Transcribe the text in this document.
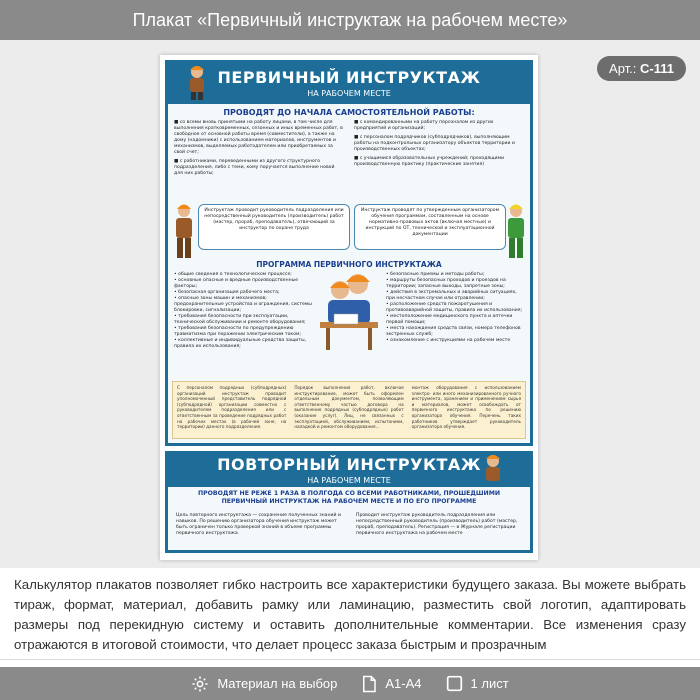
Плакат «Первичный инструктаж на рабочем месте»
Арт.: С-111
ПЕРВИЧНЫЙ ИНСТРУКТАЖ
НА РАБОЧЕМ МЕСТЕ
ПРОВОДЯТ ДО НАЧАЛА САМОСТОЯТЕЛЬНОЙ РАБОТЫ:
■ со всеми вновь принятыми на работу лицами, в том числе для выполнения кратковременных, сезонных и иных временных работ, в свободное от основной работы время (совместители), а также на дому (надомники) с использованием материалов, инструментов и механизмов, выделяемых работодателем или приобретаемых за свой счет;
■ с работниками, переведенными из другого структурного подразделения, либо с теми, кому поручается выполнение новой для них работы;
■ с командированными на работу персоналом из других предприятий и организаций;
■ с персоналом подрядчиков (субподрядчиков), выполняющим работы на подконтрольных организатору объектов территории и производственных объектах;
■ с учащимися образовательных учреждений; проходящими производственную практику (практические занятия)
Инструктаж проводит руководитель подразделения или непосредственный руководитель (производитель) работ (мастер, прораб, преподаватель), отвечающий за инструктор по охране труда
Инструктаж проводят по утвержденным организатором обучения программам, составленным на основе нормативно-правовых актов (включая местные) и инструкций по ОТ, технической и эксплуатационной документации
ПРОГРАММА ПЕРВИЧНОГО ИНСТРУКТАЖА
• общие сведения о технологическом процессе;
• основные опасные и вредные производственные факторы;
• безопасная организация рабочего места;
• опасные зоны машин и механизмов; предохранительные устройства и ограждения, системы блокировки, сигнализации;
• требования безопасности при эксплуатации, технической обслуживании и ремонте оборудования;
• требования безопасности по предупреждению травматизма при поражении электрическим током;
• коллективные и индивидуальные средства защиты, правила их использования;
• безопасные приемы и методы работы;
• маршруты безопасных проходов и проездов на территории; запасные выходы, запретные зоны;
• действия в экстремальных и аварийных ситуациях, при несчастном случае или отравлении;
• расположение средств пожаротушения и противоаварийной защиты, правила их использования;
• местоположение медицинского пункта и аптечки первой помощи;
• места нахождения средств связи, номера телефонов экстренных служб;
• ознакомление с инструкциями на рабочем месте
С персоналом подрядных (субподрядных) организаций инструктаж проводит уполномоченный представитель подрядной (субподрядной) организации совместно с руководителем подразделения или с ответственным за проведение подрядных работ на рабочих местах (в рабочей зоне, на территории) данного подразделения.
Порядок выполнения работ, включая инструктирование, может быть оформлен отдельным документом, позволяющим ответственному частью договора на выполнение подрядных (субподрядных) работ (оказание услуг). Лиц, не связанных с эксплуатацией, обслуживанием, испытанием, наладкой и ремонтом оборудования...
монтаж оборудования с использованием электро- или иного механизированного ручного инструмента, хранением и применением сырья и материалов, может освобождать от первичного инструктажа по решению организатора обучения. Перечень таких работников утверждает руководитель организатора обучения.
ПОВТОРНЫЙ ИНСТРУКТАЖ
НА РАБОЧЕМ МЕСТЕ
ПРОВОДЯТ НЕ РЕЖЕ 1 РАЗА В ПОЛГОДА СО ВСЕМИ РАБОТНИКАМИ, ПРОШЕДШИМИ ПЕРВИЧНЫЙ ИНСТРУКТАЖ НА РАБОЧЕМ МЕСТЕ И ПО ЕГО ПРОГРАММЕ
Цель повторного инструктажа — сохранение полученных знаний и навыков. По решению организатора обучения инструктаж может быть ограничен только проверкой знаний в объеме программы первичного инструктажа.
Проводит инструктаж руководитель подразделения или непосредственный руководитель (производитель) работ (мастер, прораб, преподаватель). Регистрация — в Журнале регистрации первичного инструктажа на рабочем месте
Калькулятор плакатов позволяет гибко настроить все характеристики будущего заказа. Вы можете выбрать тираж, формат, материал, добавить рамку или ламинацию, разместить свой логотип, адаптировать размеры под перекидную систему и оставить дополнительные комментарии. Все изменения сразу отражаются в итоговой стоимости, что делает процесс заказа быстрым и прозрачным
Материал на выбор	А1-А4	1 лист
